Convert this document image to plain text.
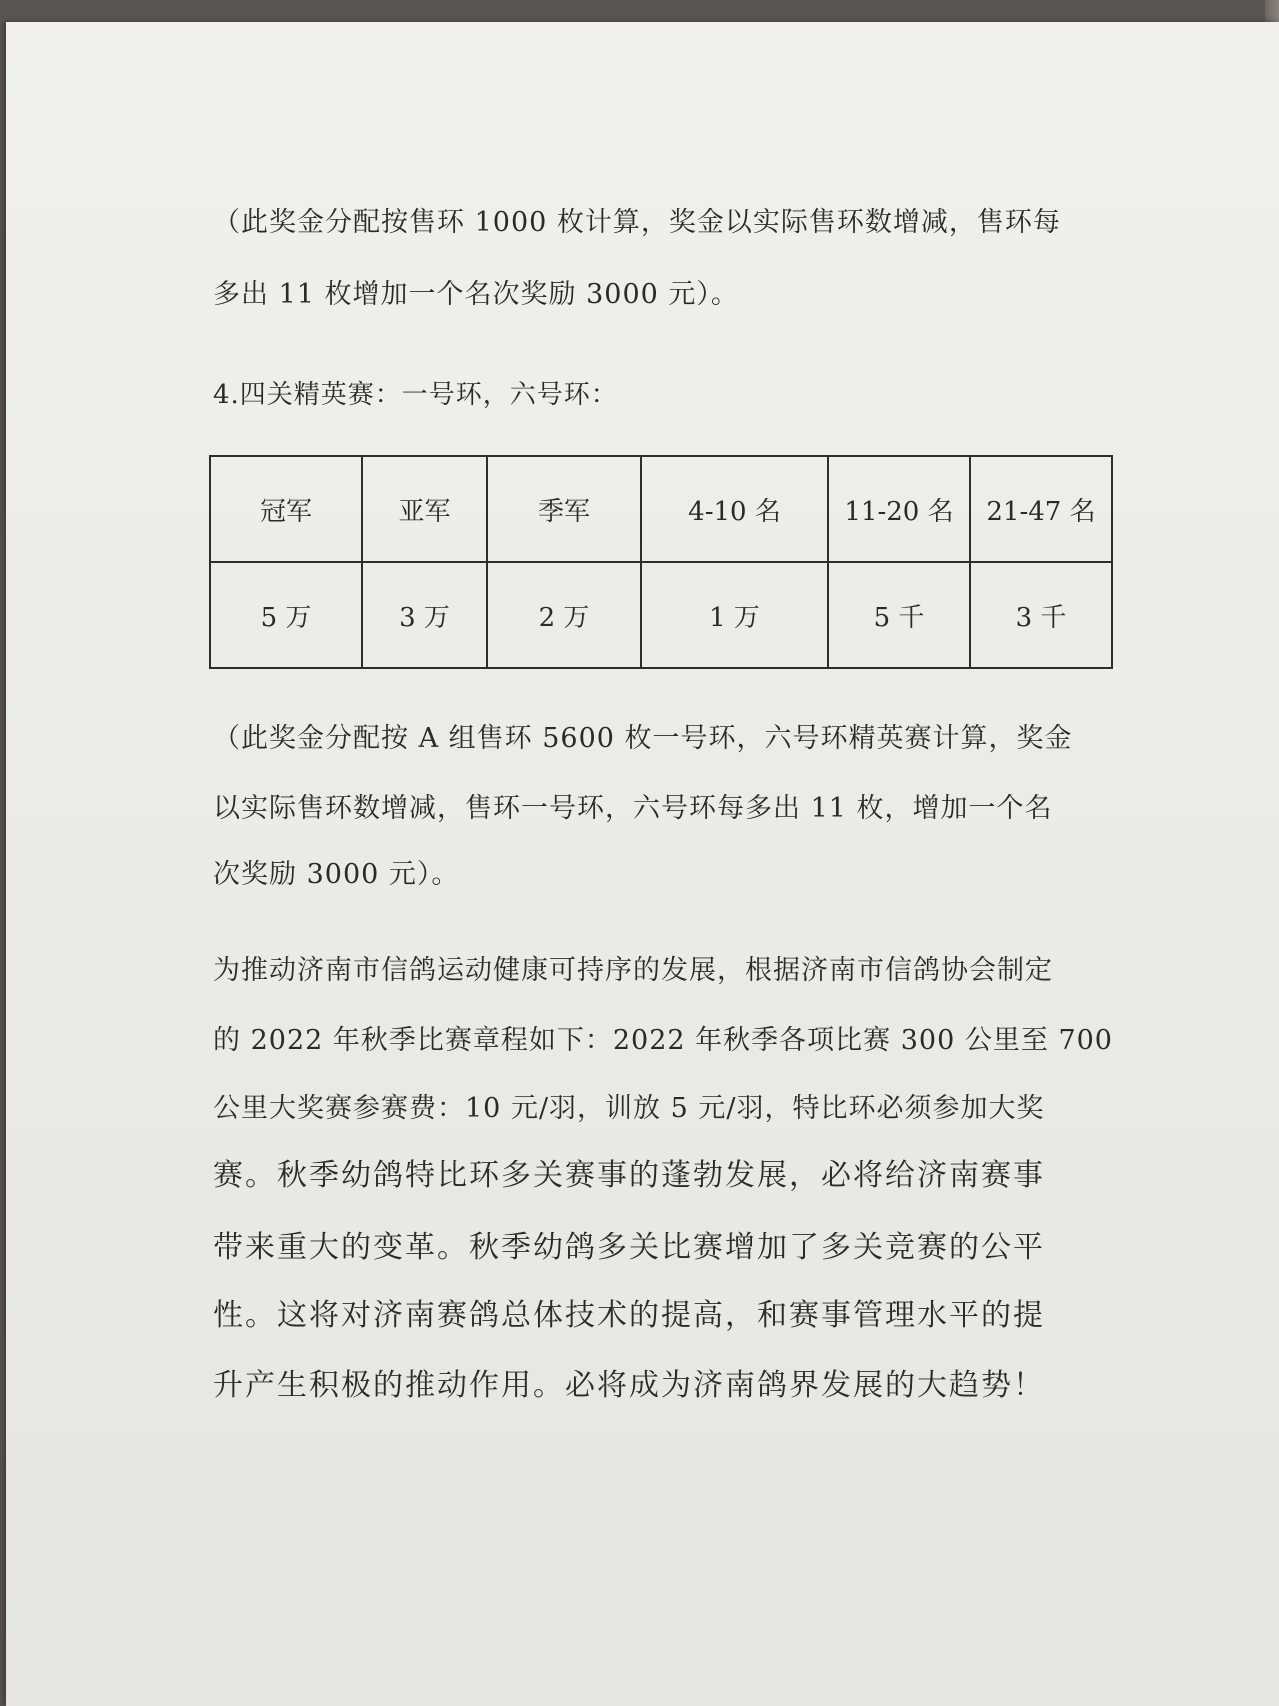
（此奖金分配按售环 1000 枚计算，奖金以实际售环数增减，售环每
多出 11 枚增加一个名次奖励 3000 元）。
4.四关精英赛：一号环，六号环：
冠军	亚军	季军	4-10 名	11-20 名	21-47 名
5 万	3 万	2 万	1 万	5 千	3 千
（此奖金分配按 A 组售环 5600 枚一号环，六号环精英赛计算，奖金
以实际售环数增减，售环一号环，六号环每多出 11 枚，增加一个名
次奖励 3000 元）。
为推动济南市信鸽运动健康可持序的发展，根据济南市信鸽协会制定
的 2022 年秋季比赛章程如下：2022 年秋季各项比赛 300 公里至 700
公里大奖赛参赛费：10 元/羽，训放 5 元/羽，特比环必须参加大奖
赛。秋季幼鸽特比环多关赛事的蓬勃发展，必将给济南赛事
带来重大的变革。秋季幼鸽多关比赛增加了多关竞赛的公平
性。这将对济南赛鸽总体技术的提高，和赛事管理水平的提
升产生积极的推动作用。必将成为济南鸽界发展的大趋势！
